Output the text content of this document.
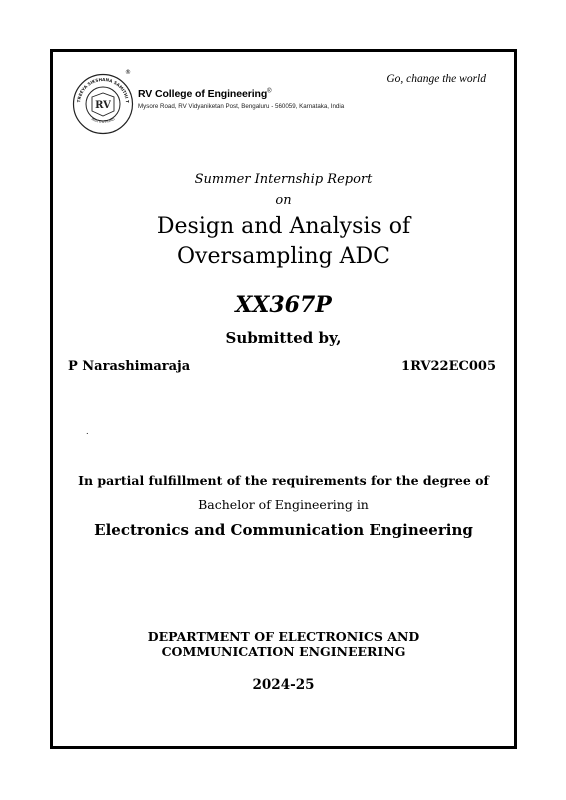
TREEYA SIKSHANA SAMITHI T
INSTITUTIONS
RV
®
RV College of Engineering®
Mysore Road, RV Vidyaniketan Post, Bengaluru - 560059, Karnataka, India
Go, change the world
Summer Internship Report
on
Design and Analysis of
Oversampling ADC
XX367P
Submitted by,
P Narashimaraja	1RV22EC005
.
In partial fulfillment of the requirements for the degree of
Bachelor of Engineering in
Electronics and Communication Engineering
DEPARTMENT OF ELECTRONICS AND
COMMUNICATION ENGINEERING
2024-25
